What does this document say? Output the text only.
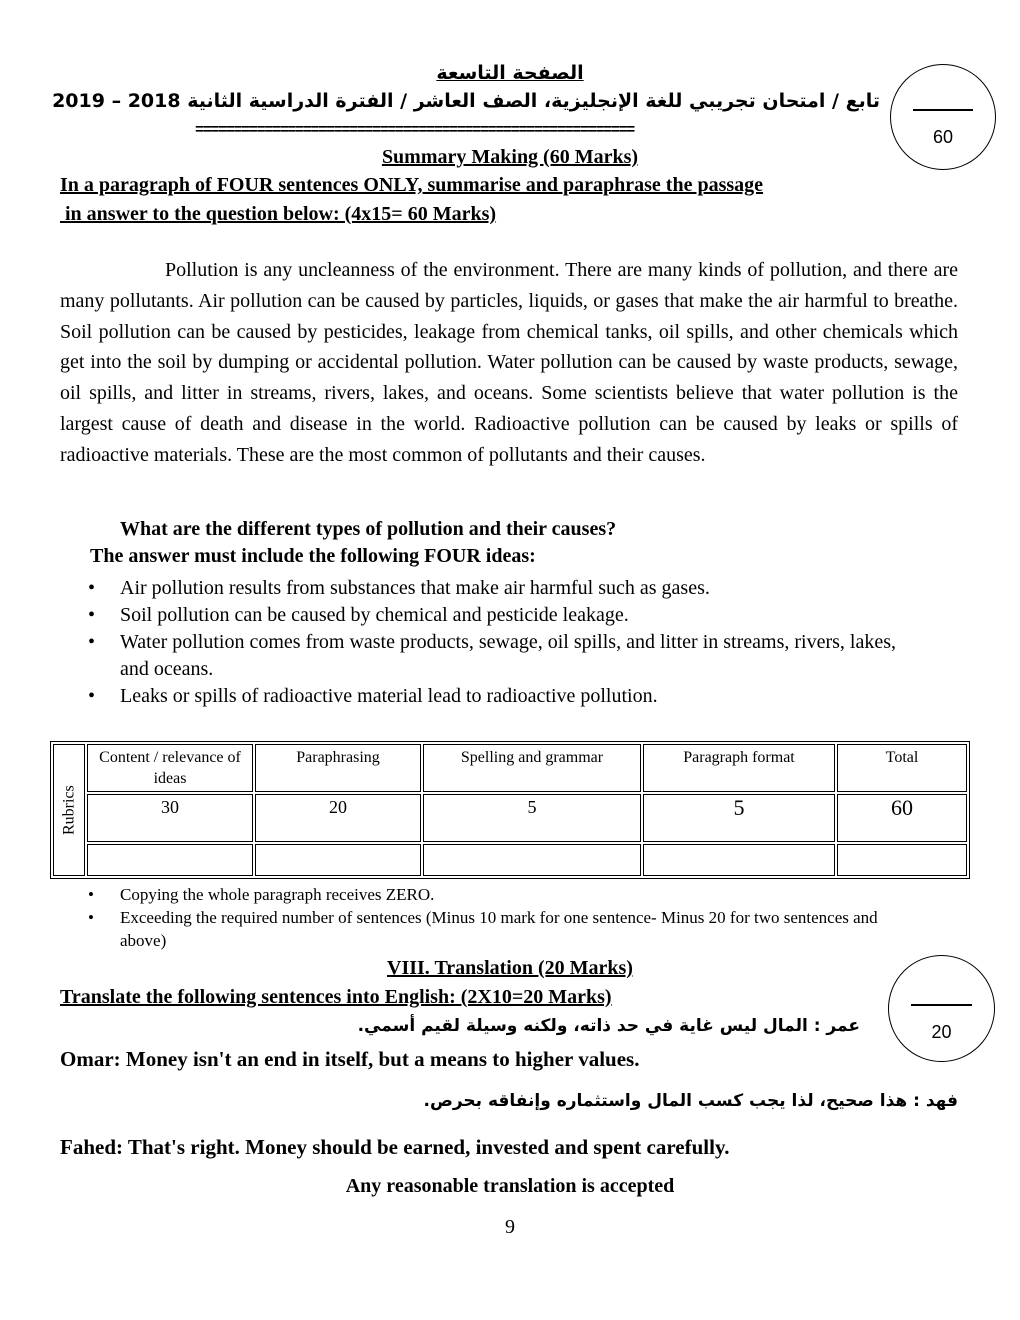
الصفحة التاسعة
تابع / امتحان تجريبي للغة الإنجليزية، الصف العاشر / الفترة الدراسية الثانية 2018 – 2019
=========================================================	60
Summary Making (60 Marks)
In a paragraph of FOUR sentences ONLY, summarise and paraphrase the passage
in answer to the question below: (4x15= 60 Marks)
Pollution is any uncleanness of the environment. There are many kinds of pollution, and there are many pollutants. Air pollution can be caused by particles, liquids, or gases that make the air harmful to breathe. Soil pollution can be caused by pesticides, leakage from chemical tanks, oil spills, and other chemicals which get into the soil by dumping or accidental pollution. Water pollution can be caused by waste products, sewage, oil spills, and litter in streams, rivers, lakes, and oceans. Some scientists believe that water pollution is the largest cause of death and disease in the world. Radioactive pollution can be caused by leaks or spills of radioactive materials. These are the most common of pollutants and their causes.
What are the different types of pollution and their causes?
The answer must include the following FOUR ideas:
• Air pollution results from substances that make air harmful such as gases.
• Soil pollution can be caused by chemical and pesticide leakage.
• Water pollution comes from waste products, sewage, oil spills, and litter in streams, rivers, lakes, and oceans.
• Leaks or spills of radioactive material lead to radioactive pollution.
Rubrics	Content / relevance of ideas	Paraphrasing	Spelling and grammar	Paragraph format	Total
	30	20	5	5	60

• Copying the whole paragraph receives ZERO.
• Exceeding the required number of sentences (Minus 10 mark for one sentence- Minus 20 for two sentences and above)
VIII. Translation (20 Marks)
Translate the following sentences into English: (2X10=20 Marks)
20
عمر : المال ليس غاية في حد ذاته، ولكنه وسيلة لقيم أسمي.
Omar: Money isn't an end in itself, but a means to higher values.
فهد : هذا صحيح، لذا يجب كسب المال واستثماره وإنفاقه بحرص.
Fahed: That's right. Money should be earned, invested and spent carefully.
Any reasonable translation is accepted
9
